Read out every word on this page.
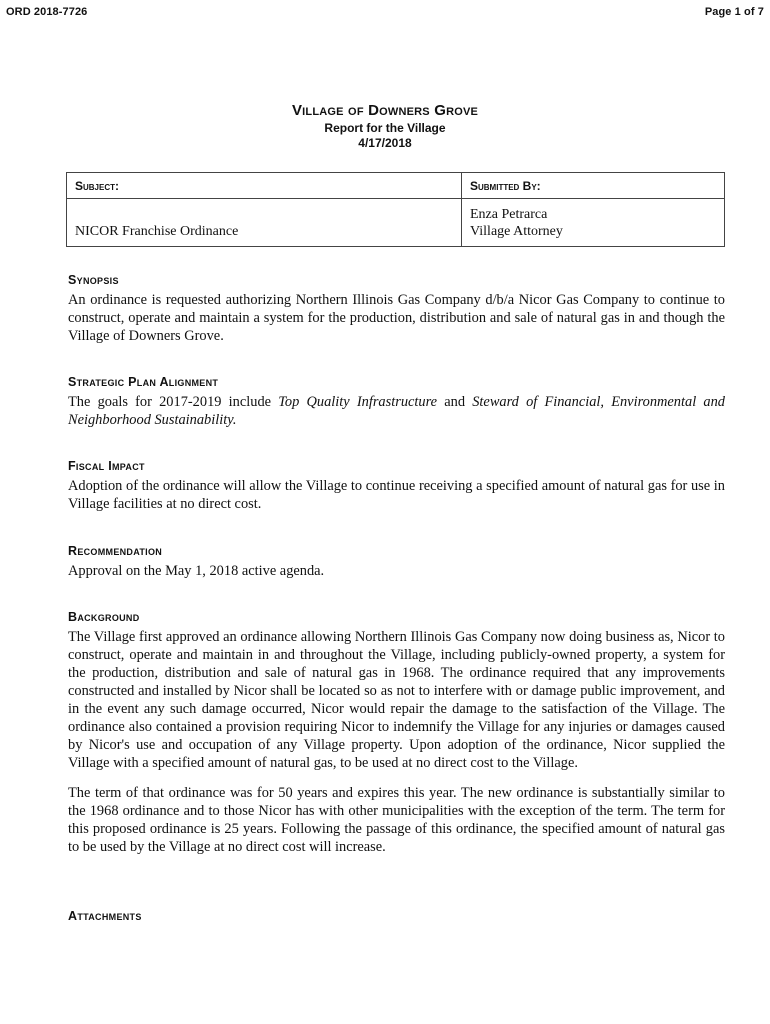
ORD 2018-7726	Page 1 of 7
Village of Downers Grove
Report for the Village
4/17/2018
Subject:	Submitted By:

NICOR Franchise Ordinance	Enza Petrarca
Village Attorney
Synopsis
An ordinance is requested authorizing Northern Illinois Gas Company d/b/a Nicor Gas Company to continue to construct, operate and maintain a system for the production, distribution and sale of natural gas in and though the Village of Downers Grove.
Strategic Plan Alignment
The goals for 2017-2019 include Top Quality Infrastructure and Steward of Financial, Environmental and Neighborhood Sustainability.
Fiscal Impact
Adoption of the ordinance will allow the Village to continue receiving a specified amount of natural gas for use in Village facilities at no direct cost.
Recommendation
Approval on the May 1, 2018 active agenda.
Background
The Village first approved an ordinance allowing Northern Illinois Gas Company now doing business as, Nicor to construct, operate and maintain in and throughout the Village, including publicly-owned property, a system for the production, distribution and sale of natural gas in 1968. The ordinance required that any improvements constructed and installed by Nicor shall be located so as not to interfere with or damage public improvement, and in the event any such damage occurred, Nicor would repair the damage to the satisfaction of the Village. The ordinance also contained a provision requiring Nicor to indemnify the Village for any injuries or damages caused by Nicor's use and occupation of any Village property. Upon adoption of the ordinance, Nicor supplied the Village with a specified amount of natural gas, to be used at no direct cost to the Village.
The term of that ordinance was for 50 years and expires this year. The new ordinance is substantially similar to the 1968 ordinance and to those Nicor has with other municipalities with the exception of the term. The term for this proposed ordinance is 25 years. Following the passage of this ordinance, the specified amount of natural gas to be used by the Village at no direct cost will increase.
Attachments
